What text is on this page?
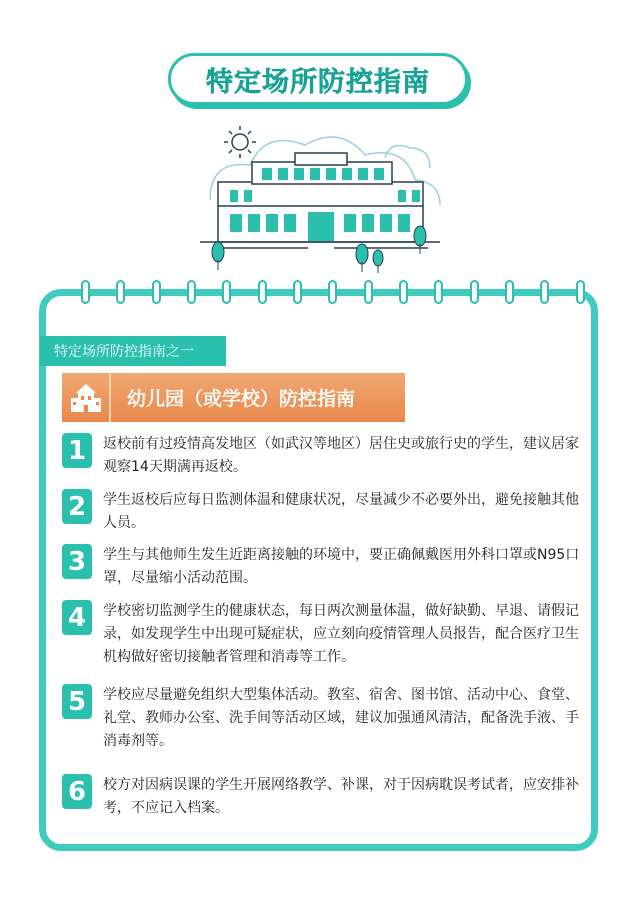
特定场所防控指南
特定场所防控指南之一
幼儿园（或学校）防控指南
1	返校前有过疫情高发地区（如武汉等地区）居住史或旅行史的学生，建议居家观察14天期满再返校。
2	学生返校后应每日监测体温和健康状况，尽量减少不必要外出，避免接触其他人员。
3	学生与其他师生发生近距离接触的环境中，要正确佩戴医用外科口罩或N95口罩，尽量缩小活动范围。
4	学校密切监测学生的健康状态，每日两次测量体温，做好缺勤、早退、请假记录，如发现学生中出现可疑症状，应立刻向疫情管理人员报告，配合医疗卫生机构做好密切接触者管理和消毒等工作。
5	学校应尽量避免组织大型集体活动。教室、宿舍、图书馆、活动中心、食堂、礼堂、教师办公室、洗手间等活动区域，建议加强通风清洁，配备洗手液、手消毒剂等。
6	校方对因病误课的学生开展网络教学、补课，对于因病耽误考试者，应安排补考，不应记入档案。
